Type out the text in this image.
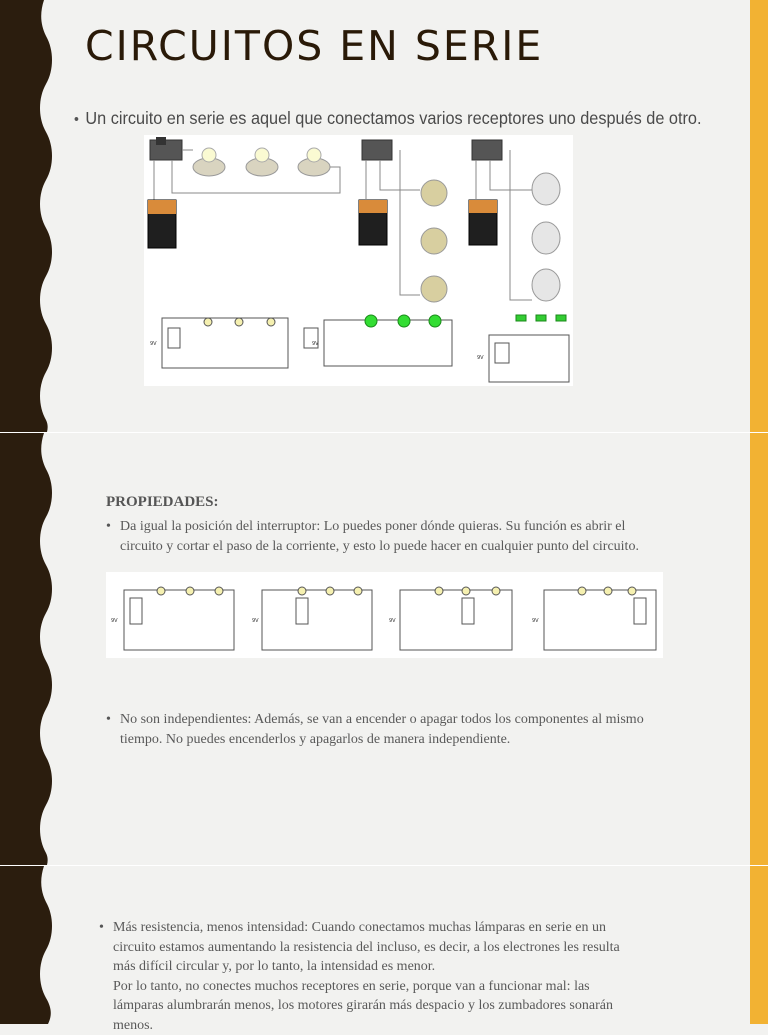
CIRCUITOS EN SERIE
• Un circuito en serie es aquel que conectamos varios receptores uno después de otro.
9V	9V
9V
PROPIEDADES:
• Da igual la posición del interruptor: Lo puedes poner dónde quieras. Su función es abrir el circuito y cortar el paso de la corriente, y esto lo puede hacer en cualquier punto del circuito.
9V	9V	9V	9V
• No son independientes: Además, se van a encender o apagar todos los componentes al mismo tiempo. No puedes encenderlos y apagarlos de manera independiente.
• Más resistencia, menos intensidad: Cuando conectamos muchas lámparas en serie en un circuito estamos aumentando la resistencia del incluso, es decir, a los electrones les resulta más difícil circular y, por lo tanto, la intensidad es menor.
Por lo tanto, no conectes muchos receptores en serie, porque van a funcionar mal: las lámparas alumbrarán menos, los motores girarán más despacio y los zumbadores sonarán menos.
